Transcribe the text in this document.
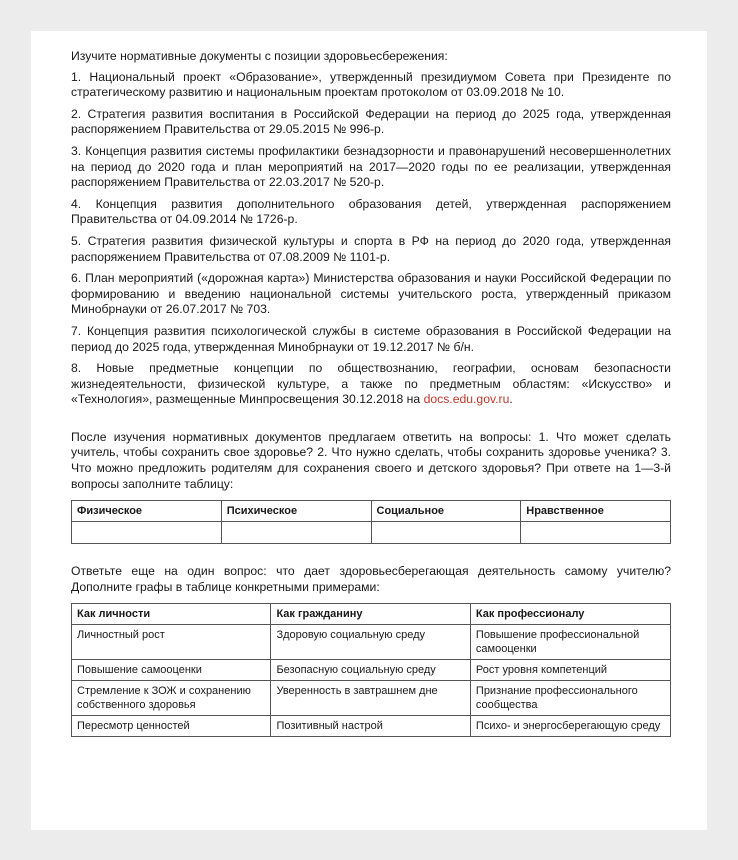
Изучите нормативные документы с позиции здоровьесбережения:

1. Национальный проект «Образование», утвержденный президиумом Совета при Президенте по стратегическому развитию и национальным проектам протоколом от 03.09.2018 № 10.

2. Стратегия развития воспитания в Российской Федерации на период до 2025 года, утвержденная распоряжением Правительства от 29.05.2015 № 996-р.

3. Концепция развития системы профилактики безнадзорности и правонарушений несовершеннолетних на период до 2020 года и план мероприятий на 2017—2020 годы по ее реализации, утвержденная распоряжением Правительства от 22.03.2017 № 520-р.

4. Концепция развития дополнительного образования детей, утвержденная распоряжением Правительства от 04.09.2014 № 1726-р.

5. Стратегия развития физической культуры и спорта в РФ на период до 2020 года, утвержденная распоряжением Правительства от 07.08.2009 № 1101-р.

6. План мероприятий («дорожная карта») Министерства образования и науки Российской Федерации по формированию и введению национальной системы учительского роста, утвержденный приказом Минобрнауки от 26.07.2017 № 703.

7. Концепция развития психологической службы в системе образования в Российской Федерации на период до 2025 года, утвержденная Минобрнауки от 19.12.2017 № б/н.

8. Новые предметные концепции по обществознанию, географии, основам безопасности жизнедеятельности, физической культуре, а также по предметным областям: «Искусство» и «Технология», размещенные Минпросвещения 30.12.2018 на docs.edu.gov.ru.

После изучения нормативных документов предлагаем ответить на вопросы: 1. Что может сделать учитель, чтобы сохранить свое здоровье? 2. Что нужно сделать, чтобы сохранить здоровье ученика? 3. Что можно предложить родителям для сохранения своего и детского здоровья? При ответе на 1—3-й вопросы заполните таблицу:

Физическое	Психическое	Социальное	Нравственное

Ответьте еще на один вопрос: что дает здоровьесберегающая деятельность самому учителю? Дополните графы в таблице конкретными примерами:

Как личности	Как гражданину	Как профессионалу
Личностный рост	Здоровую социальную среду	Повышение профессиональной самооценки
Повышение самооценки	Безопасную социальную среду	Рост уровня компетенций
Стремление к ЗОЖ и сохранению собственного здоровья	Уверенность в завтрашнем дне	Признание профессионального сообщества
Пересмотр ценностей	Позитивный настрой	Психо- и энергосберегающую среду
